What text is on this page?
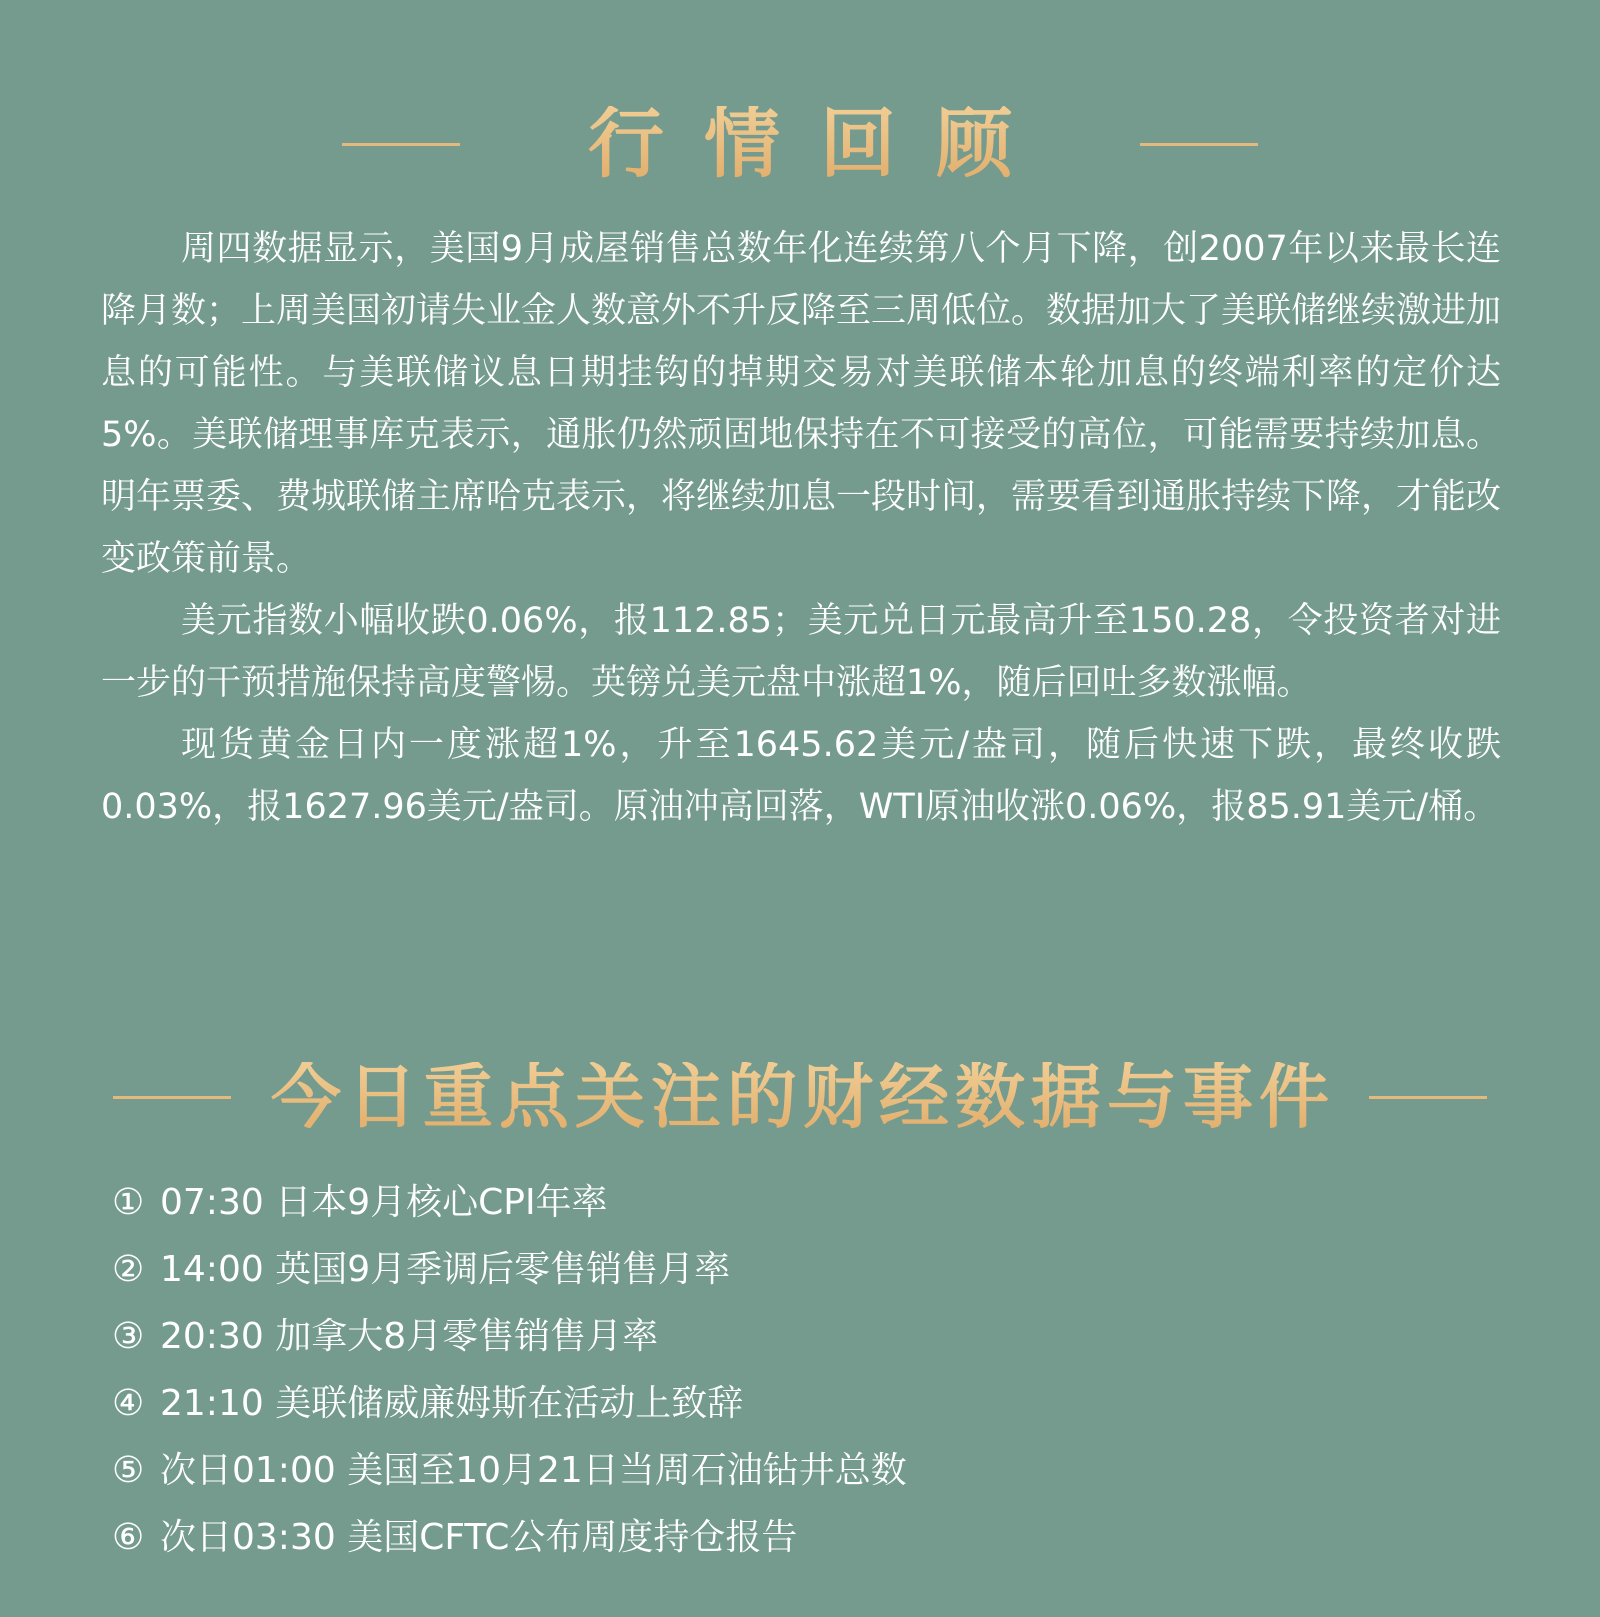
行情回顾

周四数据显示，美国9月成屋销售总数年化连续第八个月下降，创2007年以来最长连降月数；上周美国初请失业金人数意外不升反降至三周低位。数据加大了美联储继续激进加息的可能性。与美联储议息日期挂钩的掉期交易对美联储本轮加息的终端利率的定价达5%。美联储理事库克表示，通胀仍然顽固地保持在不可接受的高位，可能需要持续加息。明年票委、费城联储主席哈克表示，将继续加息一段时间，需要看到通胀持续下降，才能改变政策前景。

美元指数小幅收跌0.06%，报112.85；美元兑日元最高升至150.28，令投资者对进一步的干预措施保持高度警惕。英镑兑美元盘中涨超1%，随后回吐多数涨幅。

现货黄金日内一度涨超1%，升至1645.62美元/盎司，随后快速下跌，最终收跌0.03%，报1627.96美元/盎司。原油冲高回落，WTI原油收涨0.06%，报85.91美元/桶。

今日重点关注的财经数据与事件
① 07:30 日本9月核心CPI年率
② 14:00 英国9月季调后零售销售月率
③ 20:30 加拿大8月零售销售月率
④ 21:10 美联储威廉姆斯在活动上致辞
⑤ 次日01:00 美国至10月21日当周石油钻井总数
⑥ 次日03:30 美国CFTC公布周度持仓报告
